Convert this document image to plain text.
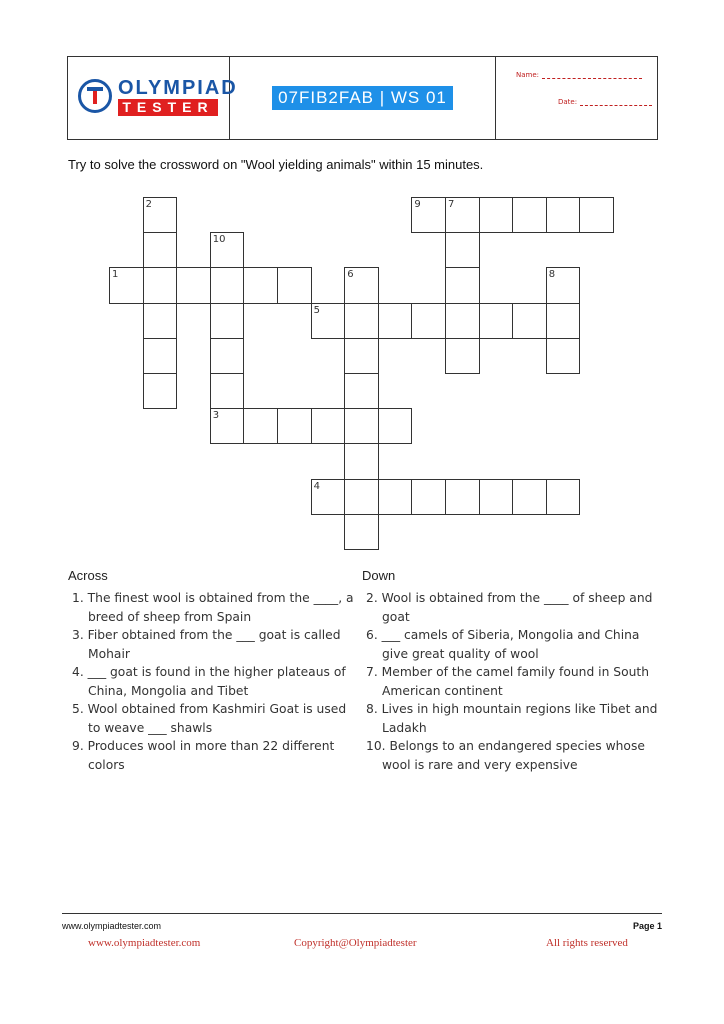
OLYMPIAD
TESTER	07FIB2FAB | WS 01
Name:
Date:
Try to solve the crossword on "Wool yielding animals" within 15 minutes.
1
2
3
4
5
6
7
8
9
10
Across
1. The finest wool is obtained from the ____, a breed of sheep from Spain
3. Fiber obtained from the ___ goat is called Mohair
4. ___ goat is found in the higher plateaus of China, Mongolia and Tibet
5. Wool obtained from Kashmiri Goat is used to weave ___ shawls
9. Produces wool in more than 22 different colors
Down
2. Wool is obtained from the ____ of sheep and goat
6. ___ camels of Siberia, Mongolia and China give great quality of wool
7. Member of the camel family found in South American continent
8. Lives in high mountain regions like Tibet and Ladakh
10. Belongs to an endangered species whose wool is rare and very expensive
www.olympiadtester.com	Page 1
www.olympiadtester.com	Copyright@Olympiadtester	All rights reserved
